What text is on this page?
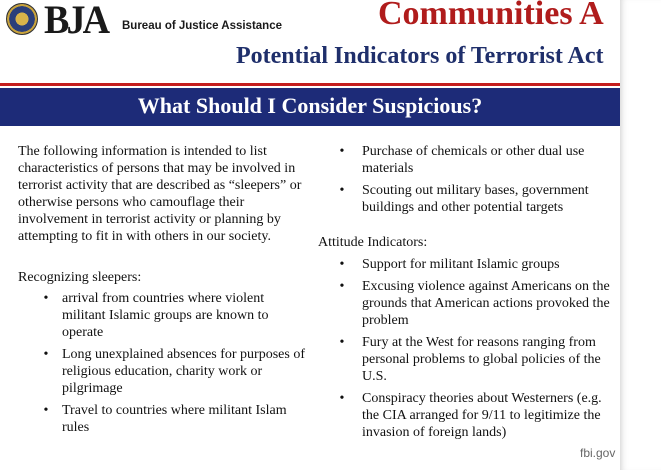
BJA Bureau of Justice Assistance	Communities A
Potential Indicators of Terrorist Act
What Should I Consider Suspicious?

The following information is intended to list characteristics of persons that may be involved in terrorist activity that are described as “sleepers” or otherwise persons who camouflage their involvement in terrorist activity or planning by attempting to fit in with others in our society.

Recognizing sleepers:

• arrival from countries where violent militant Islamic groups are known to operate
• Long unexplained absences for purposes of religious education, charity work or pilgrimage
• Travel to countries where militant Islam rules
• Purchase of chemicals or other dual use materials
• Scouting out military bases, government buildings and other potential targets

Attitude Indicators:

• Support for militant Islamic groups
• Excusing violence against Americans on the grounds that American actions provoked the problem
• Fury at the West for reasons ranging from personal problems to global policies of the U.S.
• Conspiracy theories about Westerners (e.g. the CIA arranged for 9/11 to legitimize the invasion of foreign lands)
fbi.gov
